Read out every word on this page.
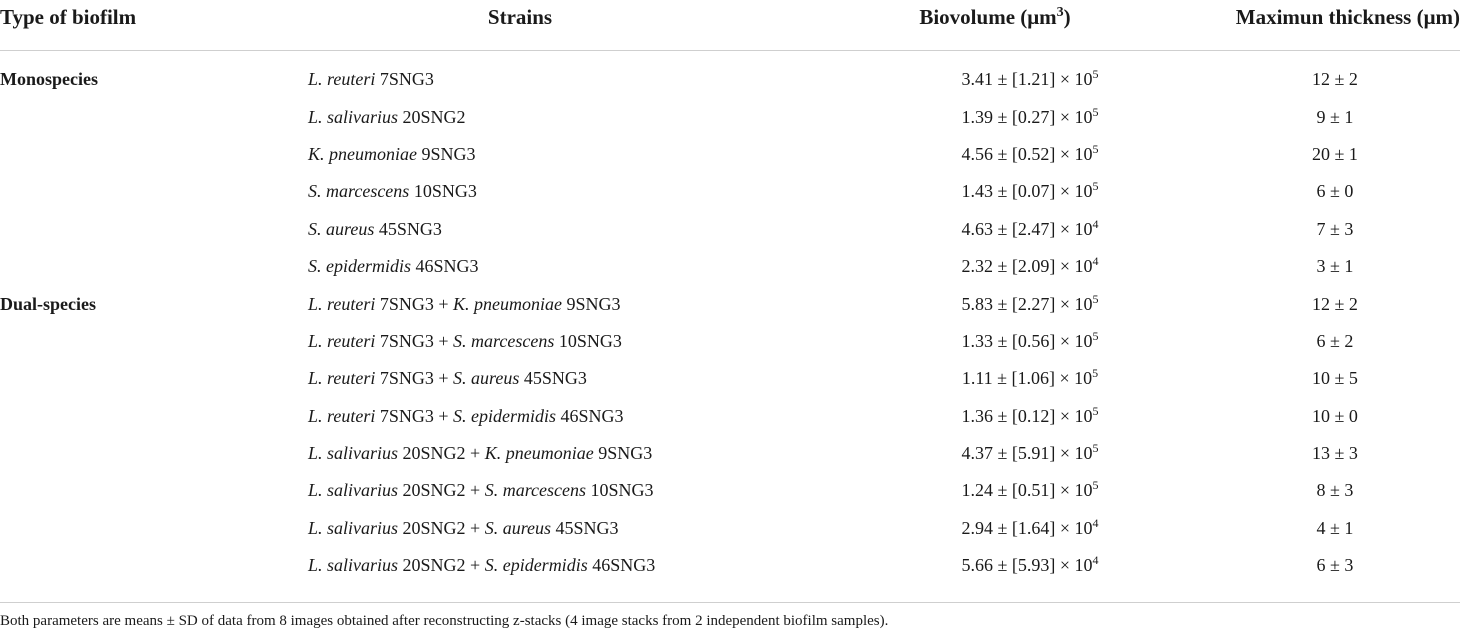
Type of biofilm	Strains	Biovolume $(\mu m^3)$	Maximun thickness (μm)
Monospecies	L. reuteri 7SNG3	$3.41 \pm [1.21] \times 10^5$	12 ± 2
	L. salivarius 20SNG2	$1.39 \pm [0.27] \times 10^5$	9 ± 1
	K. pneumoniae 9SNG3	$4.56 \pm [0.52] \times 10^5$	20 ± 1
	S. marcescens 10SNG3	$1.43 \pm [0.07] \times 10^5$	6 ± 0
	S. aureus 45SNG3	$4.63 \pm [2.47] \times 10^4$	7 ± 3
	S. epidermidis 46SNG3	$2.32 \pm [2.09] \times 10^4$	3 ± 1
Dual-species	L. reuteri 7SNG3 + K. pneumoniae 9SNG3	$5.83 \pm [2.27] \times 10^5$	12 ± 2
	L. reuteri 7SNG3 + S. marcescens 10SNG3	$1.33 \pm [0.56] \times 10^5$	6 ± 2
	L. reuteri 7SNG3 + S. aureus 45SNG3	$1.11 \pm [1.06] \times 10^5$	10 ± 5
	L. reuteri 7SNG3 + S. epidermidis 46SNG3	$1.36 \pm [0.12] \times 10^5$	10 ± 0
	L. salivarius 20SNG2 + K. pneumoniae 9SNG3	$4.37 \pm [5.91] \times 10^5$	13 ± 3
	L. salivarius 20SNG2 + S. marcescens 10SNG3	$1.24 \pm [0.51] \times 10^5$	8 ± 3
	L. salivarius 20SNG2 + S. aureus 45SNG3	$2.94 \pm [1.64] \times 10^4$	4 ± 1
	L. salivarius 20SNG2 + S. epidermidis 46SNG3	$5.66 \pm [5.93] \times 10^4$	6 ± 3
Both parameters are means ± SD of data from 8 images obtained after reconstructing z-stacks (4 image stacks from 2 independent biofilm samples).
